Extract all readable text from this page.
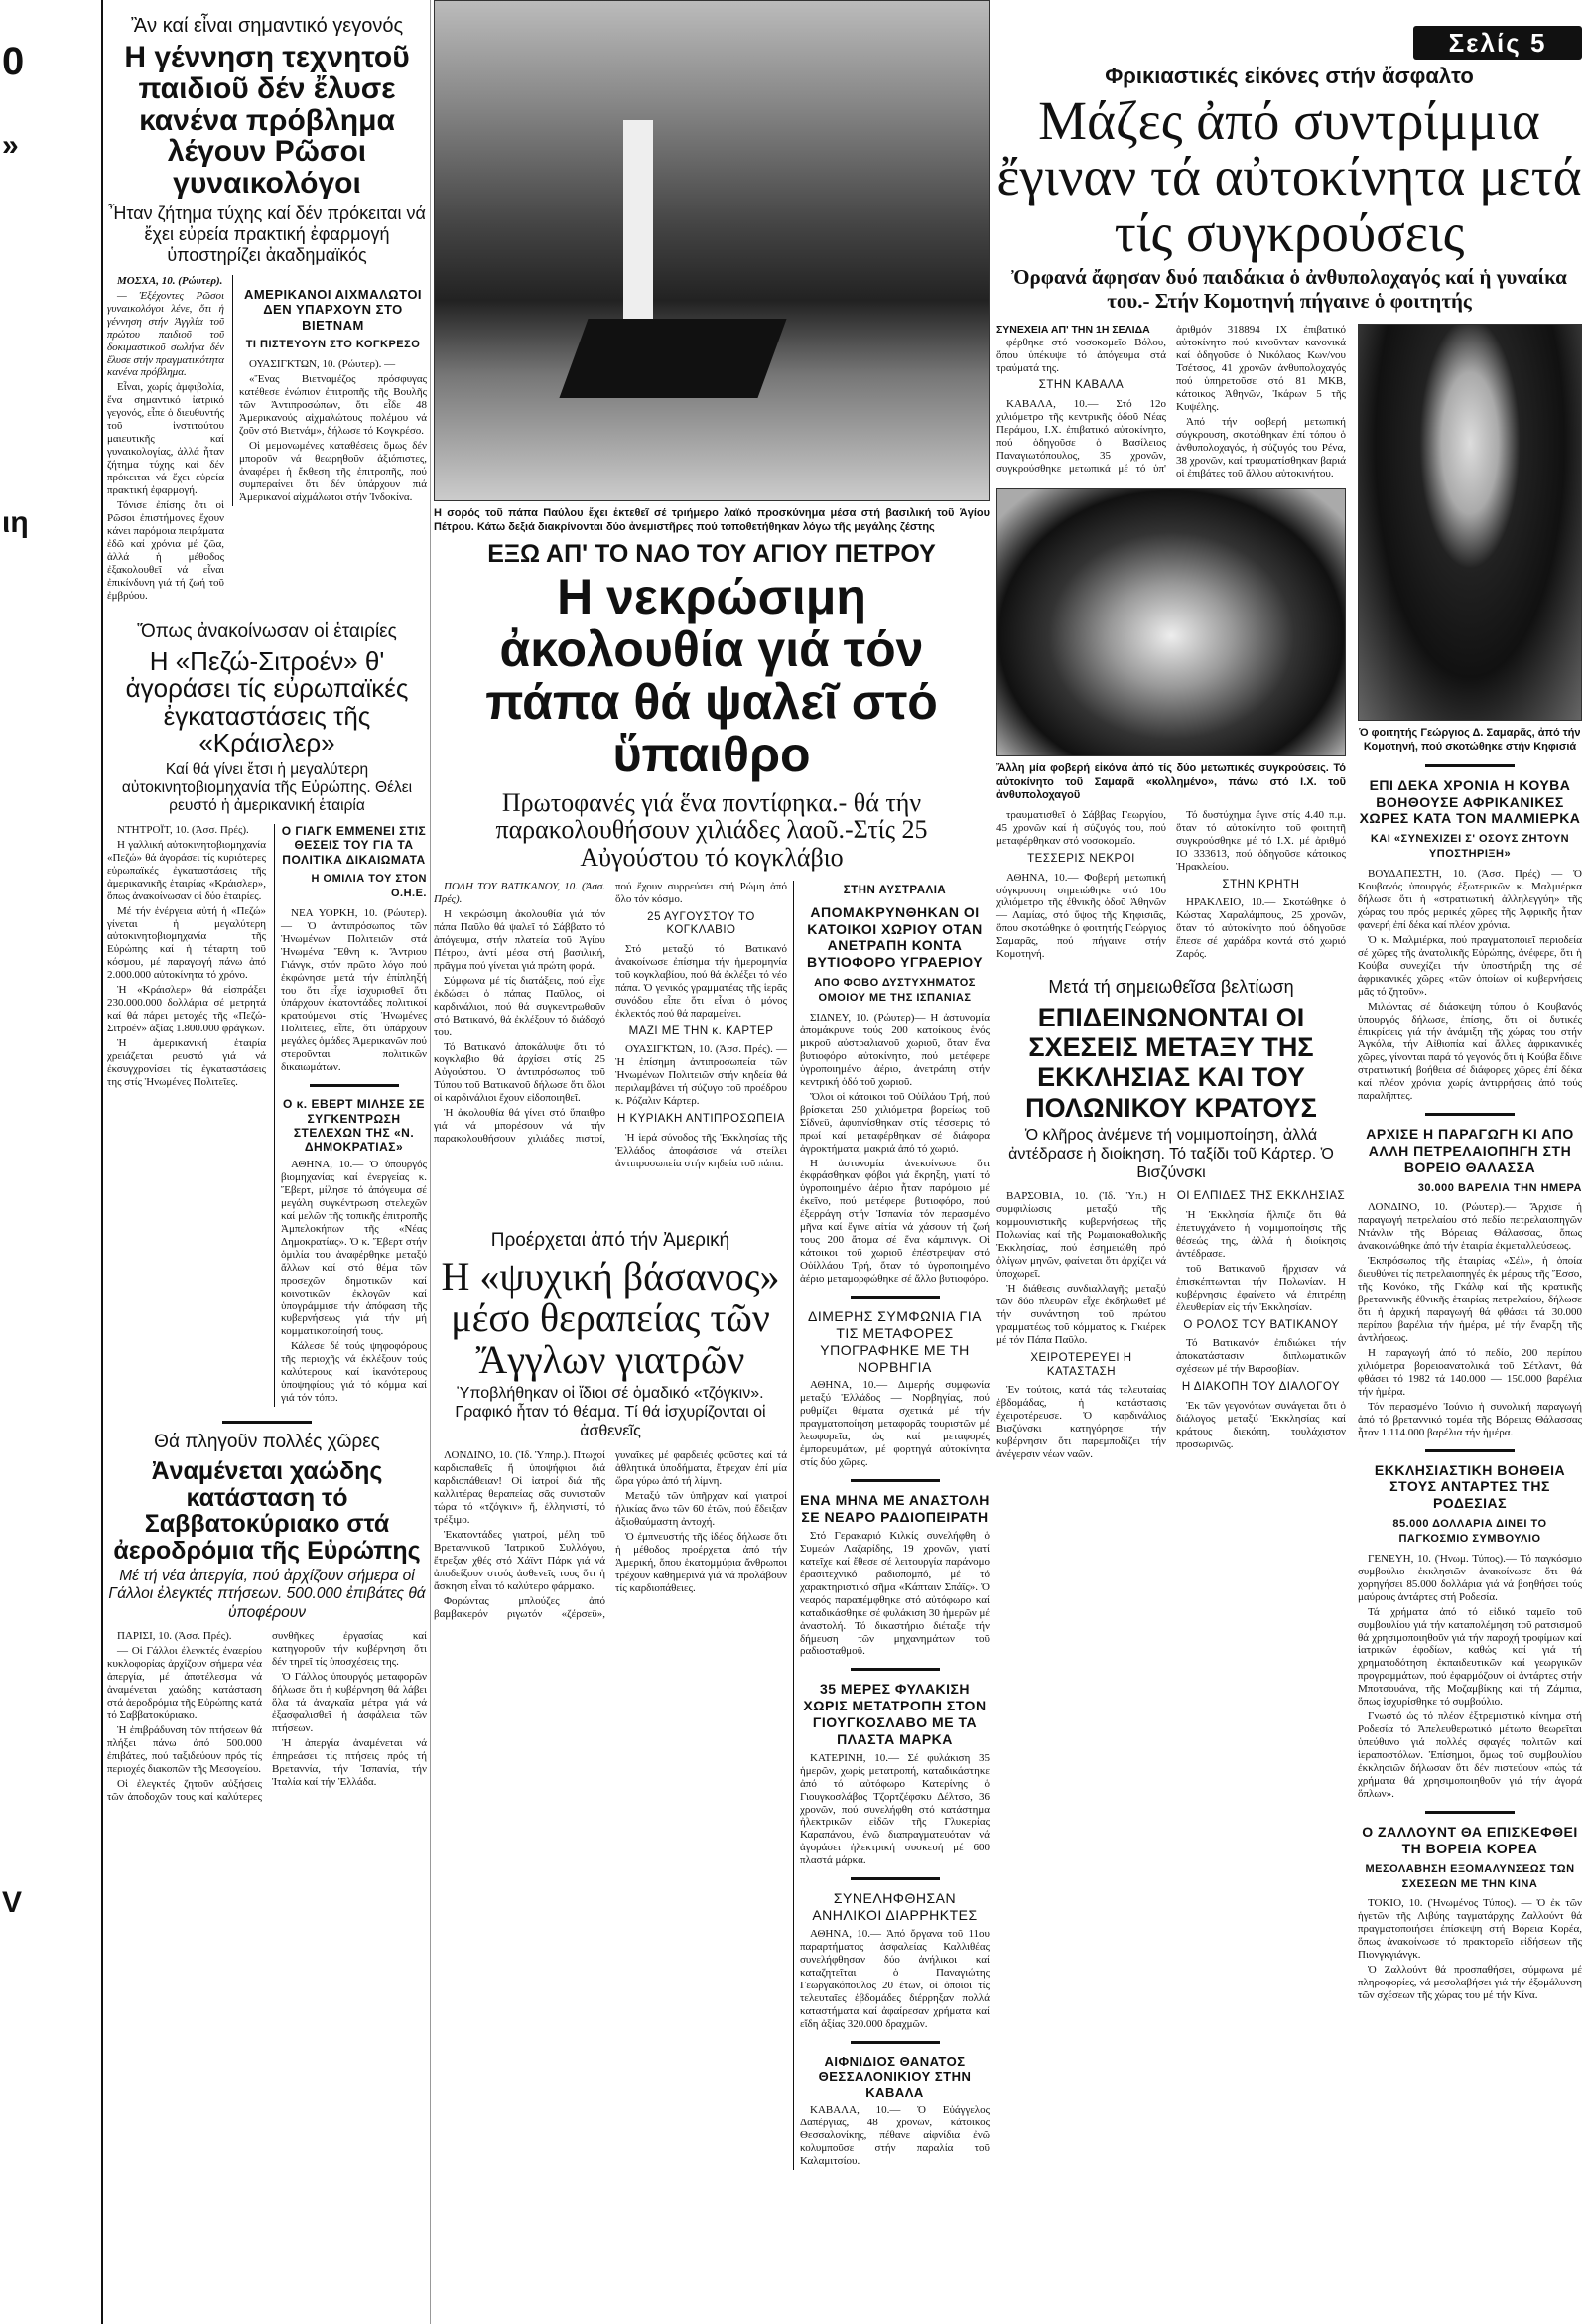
0
»
ιη
V
Ἂν καί εἶναι σημαντικό γεγονός
Η γέννηση τεχνητοῦ παιδιοῦ δέν ἔλυσε κανένα πρόβλημα λέγουν Ρῶσοι γυναικολόγοι
Ἦταν ζήτημα τύχης καί δέν πρόκειται νά ἔχει εὐρεία πρακτική ἐφαρμογή ὑποστηρίζει ἀκαδημαϊκός

ΜΟΣΧΑ, 10. (Ρώυτερ).

— Ἐξέχοντες Ρῶσοι γυναικολόγοι λένε, ὅτι ἡ γέννηση στήν Ἀγγλία τοῦ πρώτου παιδιοῦ τοῦ δοκιμαστικοῦ σωλήνα δέν ἔλυσε στήν πραγματικότητα κανένα πρόβλημα.

Εἶναι, χωρίς ἀμφιβολία, ἕνα σημαντικό ἰατρικό γεγονός, εἶπε ὁ διευθυντής τοῦ ἰνστιτούτου μαιευτικῆς καί γυναικολογίας, ἀλλά ἦταν ζήτημα τύχης καί δέν πρόκειται νά ἔχει εὐρεία πρακτική ἐφαρμογή.

Τόνισε ἐπίσης ὅτι οἱ Ρῶσοι ἐπιστήμονες ἔχουν κάνει παρόμοια πειράματα ἐδῶ καί χρόνια μέ ζῶα, ἀλλά ἡ μέθοδος ἐξακολουθεῖ νά εἶναι ἐπικίνδυνη γιά τή ζωή τοῦ ἐμβρύου.

ΑΜΕΡΙΚΑΝΟΙ ΑΙΧΜΑΛΩΤΟΙ ΔΕΝ ΥΠΑΡΧΟΥΝ ΣΤΟ ΒΙΕΤΝΑΜ
ΤΙ ΠΙΣΤΕΥΟΥΝ ΣΤΟ ΚΟΓΚΡΕΣΟ

ΟΥΑΣΙΓΚΤΩΝ, 10. (Ρώυτερ). —

«Ἕνας Βιετναμέζος πρόσφυγας κατέθεσε ἐνώπιον ἐπιτροπῆς τῆς Βουλῆς τῶν Ἀντιπροσώπων, ὅτι εἶδε 48 Ἀμερικανούς αἰχμαλώτους πολέμου νά ζοῦν στό Βιετνάμ», δήλωσε τό Κογκρέσο.

Οἱ μεμονωμένες καταθέσεις ὅμως δέν μποροῦν νά θεωρηθοῦν ἀξιόπιστες, ἀναφέρει ἡ ἔκθεση τῆς ἐπιτροπῆς, πού συμπεραίνει ὅτι δέν ὑπάρχουν πιά Ἀμερικανοί αἰχμάλωτοι στήν Ἰνδοκίνα.

Ὅπως ἀνακοίνωσαν οἱ ἑταιρίες
Η «Πεζώ-Σιτροέν» θ' ἀγοράσει τίς εὐρωπαϊκές ἐγκαταστάσεις τῆς «Κράισλερ»
Καί θά γίνει ἔτσι ἡ μεγαλύτερη αὐτοκινητοβιομηχανία τῆς Εὐρώπης. Θέλει ρευστό ἡ ἀμερικανική ἑταιρία

ΝΤΗΤΡΟΪΤ, 10. (Ἀσσ. Πρές).

Η γαλλική αὐτοκινητοβιομηχανία «Πεζώ» θά ἀγοράσει τίς κυριότερες εὐρωπαϊκές ἐγκαταστάσεις τῆς ἀμερικανικῆς ἑταιρίας «Κράισλερ», ὅπως ἀνακοίνωσαν οἱ δύο ἑταιρίες.

Μέ τήν ἐνέργεια αὐτή ἡ «Πεζώ» γίνεται ἡ μεγαλύτερη αὐτοκινητοβιομηχανία τῆς Εὐρώπης καί ἡ τέταρτη τοῦ κόσμου, μέ παραγωγή πάνω ἀπό 2.000.000 αὐτοκίνητα τό χρόνο.

Ἡ «Κράισλερ» θά εἰσπράξει 230.000.000 δολλάρια σέ μετρητά καί θά πάρει μετοχές τῆς «Πεζώ-Σιτροέν» ἀξίας 1.800.000 φράγκων.

Ἡ ἀμερικανική ἑταιρία χρειάζεται ρευστό γιά νά ἐκσυγχρονίσει τίς ἐγκαταστάσεις της στίς Ἡνωμένες Πολιτεῖες.

Ο ΓΙΑΓΚ ΕΜΜΕΝΕΙ ΣΤΙΣ ΘΕΣΕΙΣ ΤΟΥ ΓΙΑ ΤΑ ΠΟΛΙΤΙΚΑ ΔΙΚΑΙΩΜΑΤΑ
Η ΟΜΙΛΙΑ ΤΟΥ ΣΤΟΝ Ο.Η.Ε.

ΝΕΑ ΥΟΡΚΗ, 10. (Ρώυτερ). — Ὁ ἀντιπρόσωπος τῶν Ἡνωμένων Πολιτειῶν στά Ἡνωμένα Ἔθνη κ. Ἄντριου Γιάνγκ, στόν πρῶτο λόγο πού ἐκφώνησε μετά τήν ἐπίπληξή του ὅτι εἶχε ἰσχυρισθεῖ ὅτι ὑπάρχουν ἑκατοντάδες πολιτικοί κρατούμενοι στίς Ἡνωμένες Πολιτεῖες, εἶπε, ὅτι ὑπάρχουν μεγάλες ὁμάδες Ἀμερικανῶν πού στεροῦνται πολιτικῶν δικαιωμάτων.

Ο κ. ΕΒΕΡΤ ΜΙΛΗΣΕ ΣΕ ΣΥΓΚΕΝΤΡΩΣΗ ΣΤΕΛΕΧΩΝ ΤΗΣ «Ν. ΔΗΜΟΚΡΑΤΙΑΣ»

ΑΘΗΝΑ, 10.— Ὁ ὑπουργός βιομηχανίας καί ἐνεργείας κ. Ἔβερτ, μίλησε τό ἀπόγευμα σέ μεγάλη συγκέντρωση στελεχῶν καί μελῶν τῆς τοπικῆς ἐπιτροπῆς Ἀμπελοκήπων τῆς «Νέας Δημοκρατίας». Ὁ κ. Ἔβερτ στήν ὁμιλία του ἀναφέρθηκε μεταξύ ἄλλων καί στό θέμα τῶν προσεχῶν δημοτικῶν καί κοινοτικῶν ἐκλογῶν καί ὑπογράμμισε τήν ἀπόφαση τῆς κυβερνήσεως γιά τήν μή κομματικοποίησή τους.

Κάλεσε δέ τούς ψηφοφόρους τῆς περιοχῆς νά ἐκλέξουν τούς καλύτερους καί ἱκανότερους ὑποψηφίους γιά τό κόμμα καί γιά τόν τόπο.

Θά πληγοῦν πολλές χῶρες
Ἀναμένεται χαώδης κατάσταση τό Σαββατοκύριακο στά ἀεροδρόμια τῆς Εὐρώπης
Μέ τή νέα ἀπεργία, πού ἀρχίζουν σήμερα οἱ Γάλλοι ἐλεγκτές πτήσεων. 500.000 ἐπιβάτες θά ὑποφέρουν

ΠΑΡΙΣΙ, 10. (Ἀσσ. Πρές).

— Οἱ Γάλλοι ἐλεγκτές ἐναερίου κυκλοφορίας ἀρχίζουν σήμερα νέα ἀπεργία, μέ ἀποτέλεσμα νά ἀναμένεται χαώδης κατάσταση στά ἀεροδρόμια τῆς Εὐρώπης κατά τό Σαββατοκύριακο.

Ἡ ἐπιβράδυνση τῶν πτήσεων θά πλήξει πάνω ἀπό 500.000 ἐπιβάτες, πού ταξιδεύουν πρός τίς περιοχές διακοπῶν τῆς Μεσογείου.

Οἱ ἐλεγκτές ζητοῦν αὐξήσεις τῶν ἀποδοχῶν τους καί καλύτερες συνθῆκες ἐργασίας καί κατηγοροῦν τήν κυβέρνηση ὅτι δέν τηρεῖ τίς ὑποσχέσεις της.

Ὁ Γάλλος ὑπουργός μεταφορῶν δήλωσε ὅτι ἡ κυβέρνηση θά λάβει ὅλα τά ἀναγκαῖα μέτρα γιά νά ἐξασφαλισθεῖ ἡ ἀσφάλεια τῶν πτήσεων.

Ἡ ἀπεργία ἀναμένεται νά ἐπηρεάσει τίς πτήσεις πρός τή Βρεταννία, τήν Ἱσπανία, τήν Ἰταλία καί τήν Ἑλλάδα.

Η σορός τοῦ πάπα Παύλου ἔχει ἐκτεθεῖ σέ τριήμερο λαϊκό προσκύνημα μέσα στή βασιλική τοῦ Ἁγίου Πέτρου. Κάτω δεξιά διακρίνονται δύο ἀνεμιστῆρες πού τοποθετήθηκαν λόγω τῆς μεγάλης ζέστης
ΕΞΩ ΑΠ' ΤΟ ΝΑΟ ΤΟΥ ΑΓΙΟΥ ΠΕΤΡΟΥ
Η νεκρώσιμη ἀκολουθία γιά τόν πάπα θά ψαλεῖ στό ὕπαιθρο
Πρωτοφανές γιά ἕνα ποντίφηκα.- θά τήν παρακολουθήσουν χιλιάδες λαοῦ.-Στίς 25 Αὐγούστου τό κογκλάβιο

ΠΟΛΗ ΤΟΥ ΒΑΤΙΚΑΝΟΥ, 10. (Ἀσσ. Πρές).

Η νεκρώσιμη ἀκολουθία γιά τόν πάπα Παῦλο θά ψαλεῖ τό Σάββατο τό ἀπόγευμα, στήν πλατεία τοῦ Ἁγίου Πέτρου, ἀντί μέσα στή βασιλική, πρᾶγμα πού γίνεται γιά πρώτη φορά.

Σύμφωνα μέ τίς διατάξεις, πού εἶχε ἐκδώσει ὁ πάπας Παῦλος, οἱ καρδινάλιοι, πού θά συγκεντρωθοῦν στό Βατικανό, θά ἐκλέξουν τό διάδοχό του.

Τό Βατικανό ἀποκάλυψε ὅτι τό κογκλάβιο θά ἀρχίσει στίς 25 Αὐγούστου. Ὁ ἀντιπρόσωπος τοῦ Τύπου τοῦ Βατικανοῦ δήλωσε ὅτι ὅλοι οἱ καρδινάλιοι ἔχουν εἰδοποιηθεῖ.

Ἡ ἀκολουθία θά γίνει στό ὕπαιθρο γιά νά μπορέσουν νά τήν παρακολουθήσουν χιλιάδες πιστοί, πού ἔχουν συρρεύσει στή Ρώμη ἀπό ὅλο τόν κόσμο.

25 ΑΥΓΟΥΣΤΟΥ ΤΟ ΚΟΓΚΛΑΒΙΟ

Στό μεταξύ τό Βατικανό ἀνακοίνωσε ἐπίσημα τήν ἡμερομηνία τοῦ κογκλαβίου, πού θά ἐκλέξει τό νέο πάπα. Ὁ γενικός γραμματέας τῆς ἱερᾶς συνόδου εἶπε ὅτι εἶναι ὁ μόνος ἐκλεκτός πού θά παραμείνει.

ΜΑΖΙ ΜΕ ΤΗΝ κ. ΚΑΡΤΕΡ

ΟΥΑΣΙΓΚΤΩΝ, 10. (Ἀσσ. Πρές). — Ἡ ἐπίσημη ἀντιπροσωπεία τῶν Ἡνωμένων Πολιτειῶν στήν κηδεία θά περιλαμβάνει τή σύζυγο τοῦ προέδρου κ. Ρόζαλιν Κάρτερ.

Η ΚΥΡΙΑΚΗ ΑΝΤΙΠΡΟΣΩΠΕΙΑ

Ἡ ἱερά σύνοδος τῆς Ἐκκλησίας τῆς Ἑλλάδος ἀποφάσισε νά στείλει ἀντιπροσωπεία στήν κηδεία τοῦ πάπα.

Προέρχεται ἀπό τήν Ἀμερική
Η «ψυχική βάσανος» μέσο θεραπείας τῶν Ἄγγλων γιατρῶν
Ὑποβλήθηκαν οἱ ἴδιοι σέ ὁμαδικό «τζόγκιν». Γραφικό ἦταν τό θέαμα. Τί θά ἰσχυρίζονται οἱ ἀσθενεῖς

ΛΟΝΔΙΝΟ, 10. (Ἰδ. Ὑπηρ.). Πτωχοί καρδιοπαθεῖς ἤ ὑποψήφιοι διά καρδιοπάθειαν! Οἱ ἰατροί διά τῆς καλλιτέρας θεραπείας σᾶς συνιστοῦν τώρα τό «τζόγκιν» ἤ, ἑλληνιστί, τό τρέξιμο.

Ἑκατοντάδες γιατροί, μέλη τοῦ Βρεταννικοῦ Ἰατρικοῦ Συλλόγου, ἔτρεξαν χθές στό Χάϊντ Πάρκ γιά νά ἀποδείξουν στούς ἀσθενεῖς τους ὅτι ἡ ἄσκηση εἶναι τό καλύτερο φάρμακο.

Φορώντας μπλούζες ἀπό βαμβακερόν ριγωτόν «ζέρσεϋ», γυναῖκες μέ φαρδειές φοῦστες καί τά ἀθλητικά ὑποδήματα, ἔτρεχαν ἐπί μία ὥρα γύρω ἀπό τή λίμνη.

Μεταξύ τῶν ὑπῆρχαν καί γιατροί ἡλικίας ἄνω τῶν 60 ἐτῶν, πού ἔδειξαν ἀξιοθαύμαστη ἀντοχή.

Ὁ ἐμπνευστής τῆς ἰδέας δήλωσε ὅτι ἡ μέθοδος προέρχεται ἀπό τήν Ἀμερική, ὅπου ἑκατομμύρια ἄνθρωποι τρέχουν καθημερινά γιά νά προλάβουν τίς καρδιοπάθειες.

ΣΤΗΝ ΑΥΣΤΡΑΛΙΑ
ΑΠΟΜΑΚΡΥΝΘΗΚΑΝ ΟΙ ΚΑΤΟΙΚΟΙ ΧΩΡΙΟΥ ΟΤΑΝ ΑΝΕΤΡΑΠΗ ΚΟΝΤΑ ΒΥΤΙΟΦΟΡΟ ΥΓΡΑΕΡΙΟΥ
ΑΠΟ ΦΟΒΟ ΔΥΣΤΥΧΗΜΑΤΟΣ ΟΜΟΙΟΥ ΜΕ ΤΗΣ ΙΣΠΑΝΙΑΣ

ΣΙΔΝΕΥ, 10. (Ρώυτερ)— Η ἀστυνομία ἀπομάκρυνε τούς 200 κατοίκους ἑνός μικροῦ αὐστραλιανοῦ χωριοῦ, ὅταν ἕνα βυτιοφόρο αὐτοκίνητο, πού μετέφερε ὑγροποιημένο ἀέριο, ἀνετράπη στήν κεντρική ὁδό τοῦ χωριοῦ.

Ὅλοι οἱ κάτοικοι τοῦ Οὐίλάου Τρή, πού βρίσκεται 250 χιλιόμετρα βορείως τοῦ Σίδνεϋ, ἀφυπνίσθηκαν στίς τέσσερις τό πρωί καί μεταφέρθηκαν σέ διάφορα ἀγροκτήματα, μακριά ἀπό τό χωριό.

Η ἀστυνομία ἀνεκοίνωσε ὅτι ἐκφράσθηκαν φόβοι γιά ἔκρηξη, γιατί τό ὑγροποιημένο ἀέριο ἦταν παρόμοιο μέ ἐκεῖνο, πού μετέφερε βυτιοφόρο, πού ἐξερράγη στήν Ἱσπανία τόν περασμένο μῆνα καί ἔγινε αἰτία νά χάσουν τή ζωή τους 200 ἄτομα σέ ἕνα κάμπινγκ. Οἱ κάτοικοι τοῦ χωριοῦ ἐπέστρεψαν στό Οὐίλλάου Τρή, ὅταν τό ὑγροποιημένο ἀέριο μεταμορφώθηκε σέ ἄλλο βυτιοφόρο.

ΔΙΜΕΡΗΣ ΣΥΜΦΩΝΙΑ ΓΙΑ ΤΙΣ ΜΕΤΑΦΟΡΕΣ ΥΠΟΓΡΑΦΗΚΕ ΜΕ ΤΗ ΝΟΡΒΗΓΙΑ

ΑΘΗΝΑ, 10.— Διμερής συμφωνία μεταξύ Ἑλλάδος — Νορβηγίας, πού ρυθμίζει θέματα σχετικά μέ τήν πραγματοποίηση μεταφορᾶς τουριστῶν μέ λεωφορεῖα, ὡς καί μεταφορές ἐμπορευμάτων, μέ φορτηγά αὐτοκίνητα στίς δύο χῶρες.

ΕΝΑ ΜΗΝΑ ΜΕ ΑΝΑΣΤΟΛΗ ΣΕ ΝΕΑΡΟ ΡΑΔΙΟΠΕΙΡΑΤΗ

Στό Γερακαριό Κιλκίς συνελήφθη ὁ Συμεών Λαζαρίδης, 19 χρονῶν, γιατί κατεῖχε καί ἔθεσε σέ λειτουργία παράνομο ἐρασιτεχνικό ραδιοπομπό, μέ τό χαρακτηριστικό σῆμα «Κάπταιν Σπάϊς». Ὁ νεαρός παραπέμφθηκε στό αὐτόφωρο καί καταδικάσθηκε σέ φυλάκιση 30 ἡμερῶν μέ ἀναστολή. Τό δικαστήριο διέταξε τήν δήμευση τῶν μηχανημάτων τοῦ ραδιοσταθμοῦ.

35 ΜΕΡΕΣ ΦΥΛΑΚΙΣΗ ΧΩΡΙΣ ΜΕΤΑΤΡΟΠΗ ΣΤΟΝ ΓΙΟΥΓΚΟΣΛΑΒΟ ΜΕ ΤΑ ΠΛΑΣΤΑ ΜΑΡΚΑ

ΚΑΤΕΡΙΝΗ, 10.— Σέ φυλάκιση 35 ἡμερῶν, χωρίς μετατροπή, καταδικάστηκε ἀπό τό αὐτόφωρο Κατερίνης ὁ Γιουγκοσλάβος Τζορτζέφσκυ Δέλτσο, 36 χρονῶν, πού συνελήφθη στό κατάστημα ἠλεκτρικῶν εἰδῶν τῆς Γλυκερίας Καραπάνου, ἐνῶ διαπραγματευόταν νά ἀγοράσει ἠλεκτρική συσκευή μέ 600 πλαστά μάρκα.

ΣΥΝΕΛΗΦΘΗΣΑΝ ΑΝΗΛΙΚΟΙ ΔΙΑΡΡΗΚΤΕΣ

ΑΘΗΝΑ, 10.— Ἀπό ὄργανα τοῦ 11ου παραρτήματος ἀσφαλείας Καλλιθέας συνελήφθησαν δύο ἀνήλικοι καί καταζητεῖται ὁ Παναγιώτης Γεωργακόπουλος 20 ἐτῶν, οἱ ὁποῖοι τίς τελευταῖες ἑβδομάδες διέρρηξαν πολλά καταστήματα καί ἀφαίρεσαν χρήματα καί εἴδη ἀξίας 320.000 δραχμῶν.

ΑΙΦΝΙΔΙΟΣ ΘΑΝΑΤΟΣ ΘΕΣΣΑΛΟΝΙΚΙΟΥ ΣΤΗΝ ΚΑΒΑΛΑ

ΚΑΒΑΛΑ, 10.— Ὁ Εὐάγγελος Δαπέργιας, 48 χρονῶν, κάτοικος Θεσσαλονίκης, πέθανε αἰφνίδια ἐνῶ κολυμποῦσε στήν παραλία τοῦ Καλαμιτσίου.

Σελίς 5
Φρικιαστικές εἰκόνες στήν ἄσφαλτο
Μάζες ἀπό συντρίμμια ἔγιναν τά αὐτοκίνητα μετά τίς συγκρούσεις
Ὀρφανά ἄφησαν δυό παιδάκια ὁ ἀνθυπολοχαγός καί ἡ γυναίκα του.- Στήν Κομοτηνή πήγαινε ὁ φοιτητής
ΣΥΝΕΧΕΙΑ ΑΠ' ΤΗΝ 1Η ΣΕΛΙΔΑ

φέρθηκε στό νοσοκομεῖο Βόλου, ὅπου ὑπέκυψε τό ἀπόγευμα στά τραύματά της.

ΣΤΗΝ ΚΑΒΑΛΑ

ΚΑΒΑΛΑ, 10.— Στό 12ο χιλιόμετρο τῆς κεντρικῆς ὁδοῦ Νέας Περάμου, Ι.Χ. ἐπιβατικό αὐτοκίνητο, πού ὁδηγοῦσε ὁ Βασίλειος Παναγιωτόπουλος, 35 χρονῶν, συγκρούσθηκε μετωπικά μέ τό ὑπ' ἀριθμόν 318894 ΙΧ ἐπιβατικό αὐτοκίνητο πού κινοῦνταν κανονικά καί ὁδηγοῦσε ὁ Νικόλαος Κων/νου Τσέτσος, 41 χρονῶν ἀνθυπολοχαγός πού ὑπηρετοῦσε στό 81 ΜΚΒ, κάτοικος Ἀθηνῶν, Ἰκάρων 5 τῆς Κυψέλης.

Ἀπό τήν φοβερή μετωπική σύγκρουση, σκοτώθηκαν ἐπί τόπου ὁ ἀνθυπολοχαγός, ἡ σύζυγός του Ρένα, 38 χρονῶν, καί τραυματίσθηκαν βαριά οἱ ἐπιβάτες τοῦ ἄλλου αὐτοκινήτου.

Ἄλλη μία φοβερή εἰκόνα ἀπό τίς δύο μετωπικές συγκρούσεις. Τό αὐτοκίνητο τοῦ Σαμαρᾶ «κολλημένο», πάνω στό Ι.Χ. τοῦ ἀνθυπολοχαγοῦ

τραυματισθεῖ ὁ Σάββας Γεωργίου, 45 χρονῶν καί ἡ σύζυγός του, πού μεταφέρθηκαν στό νοσοκομεῖο.

ΤΕΣΣΕΡΙΣ ΝΕΚΡΟΙ

ΑΘΗΝΑ, 10.— Φοβερή μετωπική σύγκρουση σημειώθηκε στό 10ο χιλιόμετρο τῆς ἐθνικῆς ὁδοῦ Ἀθηνῶν — Λαμίας, στό ὕψος τῆς Κηφισιᾶς, ὅπου σκοτώθηκε ὁ φοιτητής Γεώργιος Σαμαρᾶς, πού πήγαινε στήν Κομοτηνή.

Τό δυστύχημα ἔγινε στίς 4.40 π.μ. ὅταν τό αὐτοκίνητο τοῦ φοιτητῆ συγκρούσθηκε μέ τό Ι.Χ. μέ ἀριθμό ΙΟ 333613, πού ὁδηγοῦσε κάτοικος Ἡρακλείου.

ΣΤΗΝ ΚΡΗΤΗ

ΗΡΑΚΛΕΙΟ, 10.— Σκοτώθηκε ὁ Κώστας Χαραλάμπους, 25 χρονῶν, ὅταν τό αὐτοκίνητο πού ὁδηγοῦσε ἔπεσε σέ χαράδρα κοντά στό χωριό Ζαρός.

Μετά τή σημειωθεῖσα βελτίωση
ΕΠΙΔΕΙΝΩΝΟΝΤΑΙ ΟΙ ΣΧΕΣΕΙΣ ΜΕΤΑΞΥ ΤΗΣ ΕΚΚΛΗΣΙΑΣ ΚΑΙ ΤΟΥ ΠΟΛΩΝΙΚΟΥ ΚΡΑΤΟΥΣ
Ὁ κλῆρος ἀνέμενε τή νομιμοποίηση, ἀλλά ἀντέδρασε ἡ διοίκηση. Τό ταξίδι τοῦ Κάρτερ. Ὁ Βισζύνσκι

ΒΑΡΣΟΒΙΑ, 10. (Ἰδ. Ὑπ.) Η συμφιλίωσις μεταξύ τῆς κομμουνιστικῆς κυβερνήσεως τῆς Πολωνίας καί τῆς Ρωμαιοκαθολικῆς Ἐκκλησίας, πού ἐσημειώθη πρό ὀλίγων μηνῶν, φαίνεται ὅτι ἀρχίζει νά ὑποχωρεῖ.

Ἡ διάθεσις συνδιαλλαγῆς μεταξύ τῶν δύο πλευρῶν εἶχε ἐκδηλωθεῖ μέ τήν συνάντηση τοῦ πρώτου γραμματέως τοῦ κόμματος κ. Γκιέρεκ μέ τόν Πάπα Παῦλο.

ΧΕΙΡΟΤΕΡΕΥΕΙ Η ΚΑΤΑΣΤΑΣΗ

Ἐν τούτοις, κατά τάς τελευταίας ἑβδομάδας, ἡ κατάστασις ἐχειροτέρευσε. Ὁ καρδινάλιος Βισζύνσκι κατηγόρησε τήν κυβέρνησιν ὅτι παρεμποδίζει τήν ἀνέγερσιν νέων ναῶν.

ΟΙ ΕΛΠΙΔΕΣ ΤΗΣ ΕΚΚΛΗΣΙΑΣ

Ἡ Ἐκκλησία ἤλπιζε ὅτι θά ἐπετυγχάνετο ἡ νομιμοποίησις τῆς θέσεώς της, ἀλλά ἡ διοίκησις ἀντέδρασε.

τοῦ Βατικανοῦ ἤρχισαν νά ἐπισκέπτωνται τήν Πολωνίαν. Η κυβέρνησις ἐφαίνετο νά ἐπιτρέπῃ ἐλευθερίαν εἰς τήν Ἐκκλησίαν.

Ο ΡΟΛΟΣ ΤΟΥ ΒΑΤΙΚΑΝΟΥ

Τό Βατικανόν ἐπιδιώκει τήν ἀποκατάστασιν διπλωματικῶν σχέσεων μέ τήν Βαρσοβίαν.

Η ΔΙΑΚΟΠΗ ΤΟΥ ΔΙΑΛΟΓΟΥ

Ἐκ τῶν γεγονότων συνάγεται ὅτι ὁ διάλογος μεταξύ Ἐκκλησίας καί κράτους διεκόπη, τουλάχιστον προσωρινῶς.

Ὁ φοιτητής Γεώργιος Δ. Σαμαρᾶς, ἀπό τήν Κομοτηνή, πού σκοτώθηκε στήν Κηφισιά
ΕΠΙ ΔΕΚΑ ΧΡΟΝΙΑ Η ΚΟΥΒΑ ΒΟΗΘΟΥΣΕ ΑΦΡΙΚΑΝΙΚΕΣ ΧΩΡΕΣ ΚΑΤΑ ΤΟΝ ΜΑΛΜΙΕΡΚΑ
ΚΑΙ «ΣΥΝΕΧΙΖΕΙ Σ' ΟΣΟΥΣ ΖΗΤΟΥΝ ΥΠΟΣΤΗΡΙΞΗ»

ΒΟΥΔΑΠΕΣΤΗ, 10. (Ἀσσ. Πρές) — Ὁ Κουβανός ὑπουργός ἐξωτερικῶν κ. Μαλμιέρκα δήλωσε ὅτι ἡ «στρατιωτική ἀλληλεγγύη» τῆς χώρας του πρός μερικές χῶρες τῆς Ἀφρικῆς ἦταν φανερή ἐπί δέκα καί πλέον χρόνια.

Ὁ κ. Μαλμιέρκα, πού πραγματοποιεῖ περιοδεία σέ χῶρες τῆς ἀνατολικῆς Εὐρώπης, ἀνέφερε, ὅτι ἡ Κούβα συνεχίζει τήν ὑποστήριξη της σέ ἀφρικανικές χῶρες «τῶν ὁποίων οἱ κυβερνήσεις μᾶς τό ζητοῦν».

Μιλώντας σέ διάσκεψη τύπου ὁ Κουβανός ὑπουργός δήλωσε, ἐπίσης, ὅτι οἱ δυτικές ἐπικρίσεις γιά τήν ἀνάμιξη τῆς χώρας του στήν Ἀγκόλα, τήν Αἰθιοπία καί ἄλλες ἀφρικανικές χῶρες, γίνονται παρά τό γεγονός ὅτι ἡ Κούβα ἔδινε στρατιωτική βοήθεια σέ διάφορες χῶρες ἐπί δέκα καί πλέον χρόνια χωρίς ἀντιρρήσεις ἀπό τούς παραλῆπτες.

ΑΡΧΙΣΕ Η ΠΑΡΑΓΩΓΗ ΚΙ ΑΠΟ ΑΛΛΗ ΠΕΤΡΕΛΑΙΟΠΗΓΗ ΣΤΗ ΒΟΡΕΙΟ ΘΑΛΑΣΣΑ
30.000 ΒΑΡΕΛΙΑ ΤΗΝ ΗΜΕΡΑ

ΛΟΝΔΙΝΟ, 10. (Ρώυτερ).— Ἄρχισε ἡ παραγωγή πετρελαίου στό πεδίο πετρελαιοπηγῶν Ντάνλιν τῆς Βόρειας Θάλασσας, ὅπως ἀνακοινώθηκε ἀπό τήν ἑταιρία ἐκμεταλλεύσεως.

Ἐκπρόσωπος τῆς ἑταιρίας «Σέλ», ἡ ὁποία διευθύνει τίς πετρελαιοπηγές ἐκ μέρους τῆς Ἔσσο, τῆς Κονόκο, τῆς Γκάλφ καί τῆς κρατικῆς βρεταννικῆς ἐθνικῆς ἑταιρίας πετρελαίου, δήλωσε ὅτι ἡ ἀρχική παραγωγή θά φθάσει τά 30.000 περίπου βαρέλια τήν ἡμέρα, μέ τήν ἔναρξη τῆς ἀντλήσεως.

Η παραγωγή ἀπό τό πεδίο, 200 περίπου χιλιόμετρα βορειοανατολικά τοῦ Σέτλαντ, θά φθάσει τό 1982 τά 140.000 — 150.000 βαρέλια τήν ἡμέρα.

Τόν περασμένο Ἰούνιο ἡ συνολική παραγωγή ἀπό τό βρεταννικό τομέα τῆς Βόρειας Θάλασσας ἦταν 1.114.000 βαρέλια τήν ἡμέρα.

ΕΚΚΛΗΣΙΑΣΤΙΚΗ ΒΟΗΘΕΙΑ ΣΤΟΥΣ ΑΝΤΑΡΤΕΣ ΤΗΣ ΡΟΔΕΣΙΑΣ
85.000 ΔΟΛΛΑΡΙΑ ΔΙΝΕΙ ΤΟ ΠΑΓΚΟΣΜΙΟ ΣΥΜΒΟΥΛΙΟ

ΓΕΝΕΥΗ, 10. (Ἡνωμ. Τύπος).— Τό παγκόσμιο συμβούλιο ἐκκλησιῶν ἀνακοίνωσε ὅτι θά χορηγήσει 85.000 δολλάρια γιά νά βοηθήσει τούς μαύρους ἀντάρτες στή Ροδεσία.

Τά χρήματα ἀπό τό εἰδικό ταμεῖο τοῦ συμβουλίου γιά τήν καταπολέμηση τοῦ ρατσισμοῦ θά χρησιμοποιηθοῦν γιά τήν παροχή τροφίμων καί ἰατρικῶν ἐφοδίων, καθώς καί γιά τή χρηματοδότηση ἐκπαιδευτικῶν καί γεωργικῶν προγραμμάτων, πού ἐφαρμόζουν οἱ ἀντάρτες στήν Μποτσουάνα, τῆς Μοζαμβίκης καί τή Ζάμπια, ὅπως ἰσχυρίσθηκε τό συμβούλιο.

Γνωστό ὡς τό πλέον ἐξτρεμιστικό κίνημα στή Ροδεσία τό Ἀπελευθερωτικό μέτωπο θεωρεῖται ὑπεύθυνο γιά πολλές σφαγές πολιτῶν καί ἱεραποστόλων. Ἐπίσημοι, ὅμως τοῦ συμβουλίου ἐκκλησιῶν δήλωσαν ὅτι δέν πιστεύουν «πώς τά χρήματα θά χρησιμοποιηθοῦν γιά τήν ἀγορά ὅπλων».

Ο ΖΑΛΛΟΥΝΤ ΘΑ ΕΠΙΣΚΕΦΘΕΙ ΤΗ ΒΟΡΕΙΑ ΚΟΡΕΑ
ΜΕΣΟΛΑΒΗΣΗ ΕΞΟΜΑΛΥΝΣΕΩΣ ΤΩΝ ΣΧΕΣΕΩΝ ΜΕ ΤΗΝ ΚΙΝΑ

ΤΟΚΙΟ, 10. (Ἡνωμένος Τύπος). — Ὁ ἐκ τῶν ἡγετῶν τῆς Λιβύης ταγματάρχης Ζαλλούντ θά πραγματοποιήσει ἐπίσκεψη στή Βόρεια Κορέα, ὅπως ἀνακοίνωσε τό πρακτορεῖο εἰδήσεων τῆς Πιονγκγιάνγκ.

Ὁ Ζαλλούντ θά προσπαθήσει, σύμφωνα μέ πληροφορίες, νά μεσολαβήσει γιά τήν ἐξομάλυνση τῶν σχέσεων τῆς χώρας του μέ τήν Κίνα.
